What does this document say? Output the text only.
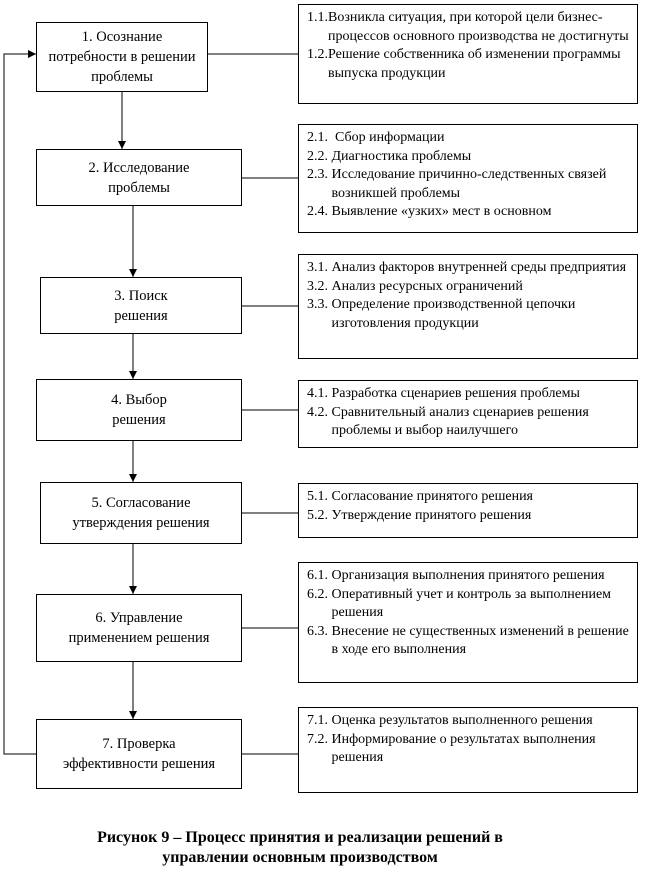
1. Осознание
потребности в решении
проблемы
2. Исследование
проблемы
3. Поиск
решения
4. Выбор
решения
5. Согласование
утверждения решения
6. Управление
применением решения
7. Проверка
эффективности решения
1.1. Возникла ситуация, при которой цели бизнес-процессов основного производства не достигнуты
1.2. Решение собственника об изменении программы выпуска продукции
2.1. Сбор информации
2.2. Диагностика проблемы
2.3. Исследование причинно-следственных связей возникшей проблемы
2.4. Выявление «узких» мест в основном
3.1. Анализ факторов внутренней среды предприятия
3.2. Анализ ресурсных ограничений
3.3. Определение производственной цепочки изготовления продукции
4.1. Разработка сценариев решения проблемы
4.2. Сравнительный анализ сценариев решения проблемы и выбор наилучшего
5.1. Согласование принятого решения
5.2. Утверждение принятого решения
6.1. Организация выполнения принятого решения
6.2. Оперативный учет и контроль за выполнением решения
6.3. Внесение не существенных изменений в решение в ходе его выполнения
7.1. Оценка результатов выполненного решения
7.2. Информирование о результатах выполнения решения
Рисунок 9 – Процесс принятия и реализации решений в
управлении основным производством
